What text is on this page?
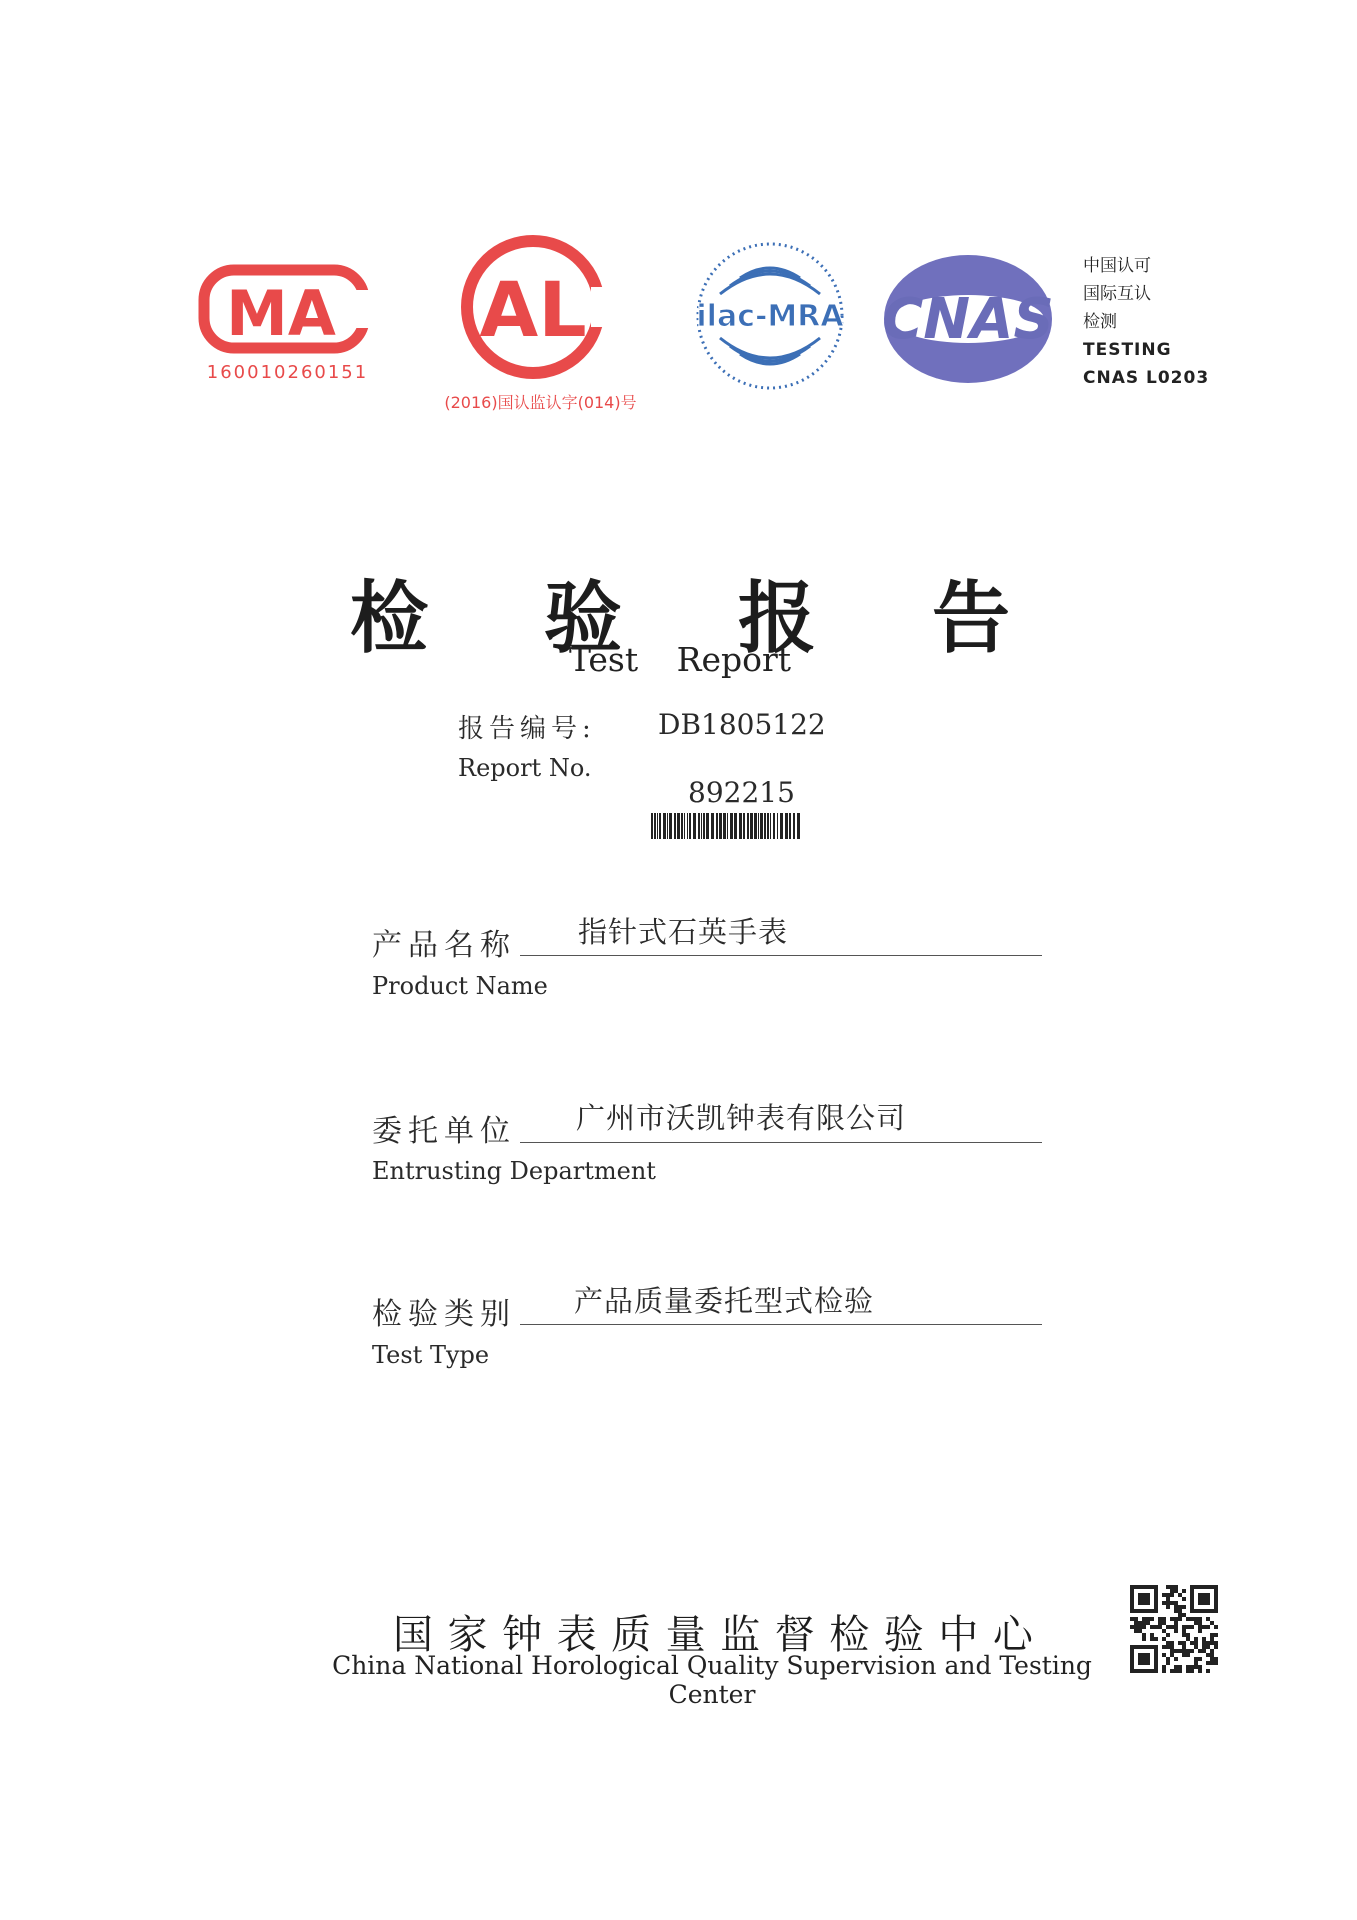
MA
160010260151
AL
(2016)国认监认字(014)号
ilac-MRA CNAS
中国认可
国际互认
检测
TESTING
CNAS L0203
检 验 报 告
Test Report
报告编号:
Report No.
DB1805122
892215
产品名称 指针式石英手表
Product Name
委托单位 广州市沃凯钟表有限公司
Entrusting Department
检验类别 产品质量委托型式检验
Test Type
国 家 钟 表 质 量 监 督 检 验 中 心
China National Horological Quality Supervision and Testing Center
